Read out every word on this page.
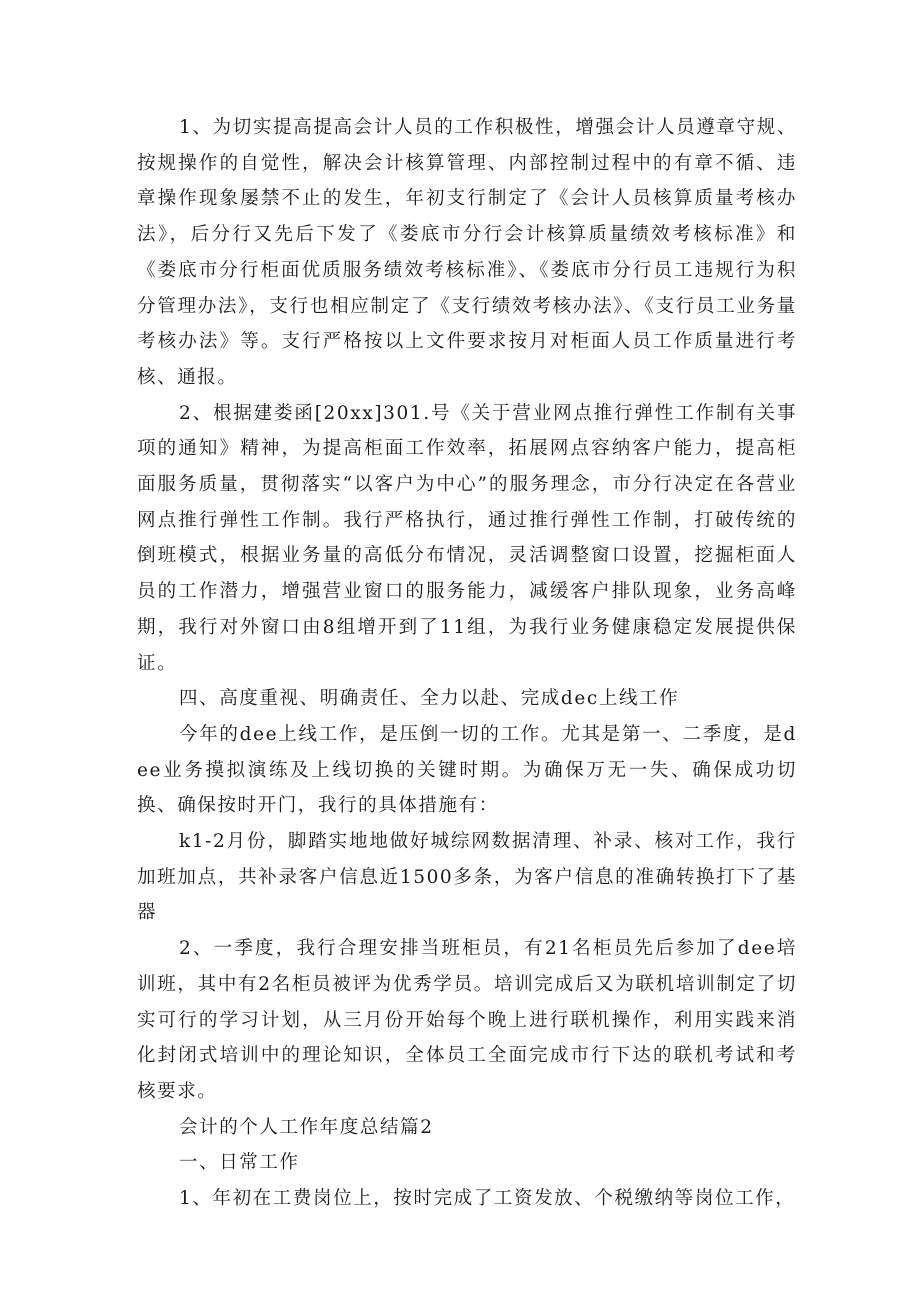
1、为切实提高提高会计人员的工作积极性，增强会计人员遵章守规、按规操作的自觉性，解决会计核算管理、内部控制过程中的有章不循、违章操作现象屡禁不止的发生，年初支行制定了《会计人员核算质量考核办法》，后分行又先后下发了《娄底市分行会计核算质量绩效考核标准》和《娄底市分行柜面优质服务绩效考核标准》、《娄底市分行员工违规行为积分管理办法》，支行也相应制定了《支行绩效考核办法》、《支行员工业务量考核办法》等。支行严格按以上文件要求按月对柜面人员工作质量进行考核、通报。

2、根据建娄函[20xx]301.号《关于营业网点推行弹性工作制有关事项的通知》精神，为提高柜面工作效率，拓展网点容纳客户能力，提高柜面服务质量，贯彻落实“以客户为中心”的服务理念，市分行决定在各营业网点推行弹性工作制。我行严格执行，通过推行弹性工作制，打破传统的倒班模式，根据业务量的高低分布情况，灵活调整窗口设置，挖掘柜面人员的工作潜力，增强营业窗口的服务能力，减缓客户排队现象，业务高峰期，我行对外窗口由8组增开到了11组，为我行业务健康稳定发展提供保证。

四、高度重视、明确责任、全力以赴、完成dec上线工作

今年的dee上线工作，是压倒一切的工作。尤其是第一、二季度，是dee业务摸拟演练及上线切换的关键时期。为确保万无一失、确保成功切换、确保按时开门，我行的具体措施有：

k1-2月份，脚踏实地地做好城综网数据清理、补录、核对工作，我行加班加点，共补录客户信息近1500多条，为客户信息的准确转换打下了基器

2、一季度，我行合理安排当班柜员，有21名柜员先后参加了dee培训班，其中有2名柜员被评为优秀学员。培训完成后又为联机培训制定了切实可行的学习计划，从三月份开始每个晚上进行联机操作，利用实践来消化封闭式培训中的理论知识，全体员工全面完成市行下达的联机考试和考核要求。

会计的个人工作年度总结篇2

一、日常工作

1、年初在工费岗位上，按时完成了工资发放、个税缴纳等岗位工作，
